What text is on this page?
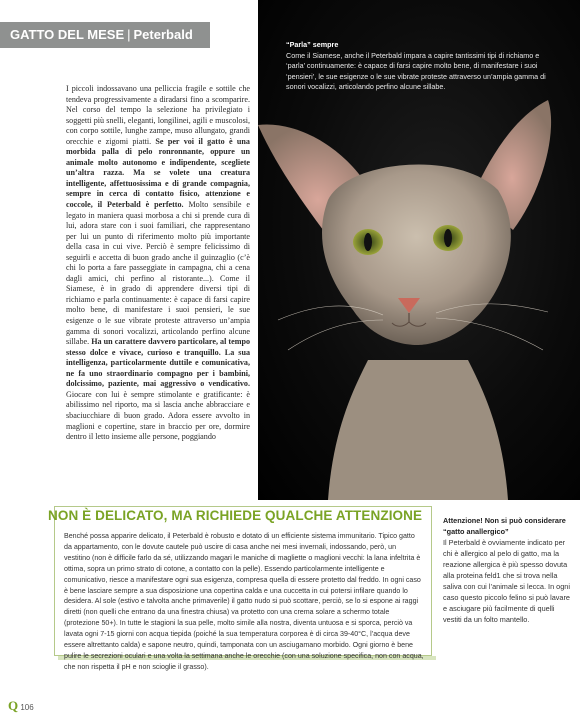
GATTO DEL MESE | Peterbald
“Parla” sempre
Come il Siamese, anche il Peterbald impara a capire tantissimi tipi di richiamo e ‘parla’ continuamente: è capace di farsi capire molto bene, di manifestare i suoi ‘pensieri’, le sue esigenze o le sue vibrate proteste attraverso un’ampia gamma di sonori vocalizzi, articolando perfino alcune sillabe.
I piccoli indossavano una pelliccia fragile e sottile che tendeva progressivamente a diradarsi fino a scomparire. Nel corso del tempo la selezione ha privilegiato i soggetti più snelli, eleganti, longilinei, agili e muscolosi, con corpo sottile, lunghe zampe, muso allungato, grandi orecchie e zigomi piatti. Se per voi il gatto è una morbida palla di pelo ronronnante, oppure un animale molto autonomo e indipendente, scegliete un’altra razza. Ma se volete una creatura intelligente, affettuosissima e di grande compagnia, sempre in cerca di contatto fisico, attenzione e coccole, il Peterbald è perfetto. Molto sensibile e legato in maniera quasi morbosa a chi si prende cura di lui, adora stare con i suoi familiari, che rappresentano per lui un punto di riferimento molto più importante della casa in cui vive. Perciò è sempre felicissimo di seguirli e accetta di buon grado anche il guinzaglio (c’è chi lo porta a fare passeggiate in campagna, chi a cena dagli amici, chi perfino al ristorante...). Come il Siamese, è in grado di apprendere diversi tipi di richiamo e parla continuamente: è capace di farsi capire molto bene, di manifestare i suoi pensieri, le sue esigenze o le sue vibrate proteste attraverso un’ampia gamma di sonori vocalizzi, articolando perfino alcune sillabe. Ha un carattere davvero particolare, al tempo stesso dolce e vivace, curioso e tranquillo. La sua intelligenza, particolarmente duttile e comunicativa, ne fa uno straordinario compagno per i bambini, dolcissimo, paziente, mai aggressivo o vendicativo. Giocare con lui è sempre stimolante e gratificante: è abilissimo nel riporto, ma si lascia anche abbracciare e sbaciucchiare di buon grado. Adora essere avvolto in maglioni e copertine, stare in braccio per ore, dormire dentro il letto insieme alle persone, poggiando
NON È DELICATO, MA RICHIEDE QUALCHE ATTENZIONE
Benché possa apparire delicato, il Peterbald è robusto e dotato di un efficiente sistema immunitario. Tipico gatto da appartamento, con le dovute cautele può uscire di casa anche nei mesi invernali, indossando, però, un vestitino (non è difficile farlo da sé, utilizzando magari le maniche di magliette o maglioni vecchi: la lana infeltrita è ottima, sopra un primo strato di cotone, a contatto con la pelle). Essendo particolarmente intelligente e comunicativo, riesce a manifestare ogni sua esigenza, compresa quella di essere protetto dal freddo. In ogni caso è bene lasciare sempre a sua disposizione una copertina calda e una cuccetta in cui potersi infilare quando lo desidera. Al sole (estivo e talvolta anche primaverile) il gatto nudo si può scottare, perciò, se lo si espone ai raggi diretti (non quelli che entrano da una finestra chiusa) va protetto con una crema solare a schermo totale (protezione 50+). In tutte le stagioni la sua pelle, molto simile alla nostra, diventa untuosa e si sporca, perciò va lavata ogni 7-15 giorni con acqua tiepida (poiché la sua temperatura corporea è di circa 39-40°C, l’acqua deve essere altrettanto calda) e sapone neutro, quindi, tamponata con un asciugamano morbido. Ogni giorno è bene pulire le secrezioni oculari e una volta la settimana anche le orecchie (con una soluzione specifica, non con acqua, che non rispetta il pH e non scioglie il grasso).
Attenzione! Non si può considerare “gatto anallergico”
Il Peterbald è ovviamente indicato per chi è allergico al pelo di gatto, ma la reazione allergica è più spesso dovuta alla proteina feld1 che si trova nella saliva con cui l’animale si lecca. In ogni caso questo piccolo felino si può lavare e asciugare più facilmente di quelli vestiti da un folto mantello.
Q 106
